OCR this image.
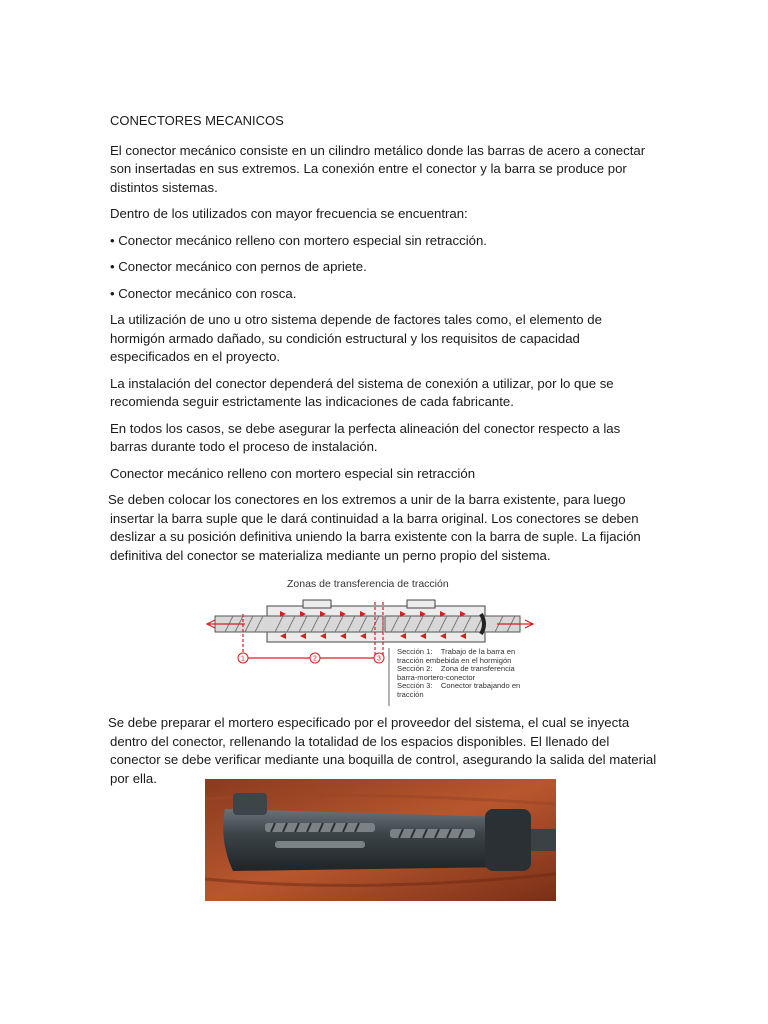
CONECTORES MECANICOS

El conector mecánico consiste en un cilindro metálico donde las barras de acero a conectar son insertadas en sus extremos. La conexión entre el conector y la barra se produce por distintos sistemas.

Dentro de los utilizados con mayor frecuencia se encuentran:

• Conector mecánico relleno con mortero especial sin retracción.

• Conector mecánico con pernos de apriete.

• Conector mecánico con rosca.

La utilización de uno u otro sistema depende de factores tales como, el elemento de hormigón armado dañado, su condición estructural y los requisitos de capacidad especificados en el proyecto.

La instalación del conector dependerá del sistema de conexión a utilizar, por lo que se recomienda seguir estrictamente las indicaciones de cada fabricante.

En todos los casos, se debe asegurar la perfecta alineación del conector respecto a las barras durante todo el proceso de instalación.

Conector mecánico relleno con mortero especial sin retracción

Se deben colocar los conectores en los extremos a unir de la barra existente, para luego insertar la barra suple que le dará continuidad a la barra original. Los conectores se deben deslizar a su posición definitiva uniendo la barra existente con la barra de suple. La fijación definitiva del conector se materializa mediante un perno propio del sistema.

Zonas de transferencia de tracción
1	2	3
Sección 1:    Trabajo de la barra en
tracción embebida en el hormigón
Sección 2:    Zona de transferencia
barra-mortero-conector
Sección 3:    Conector trabajando en
tracción

Se debe preparar el mortero especificado por el proveedor del sistema, el cual se inyecta dentro del conector, rellenando la totalidad de los espacios disponibles. El llenado del conector se debe verificar mediante una boquilla de control, asegurando la salida del material por ella.
